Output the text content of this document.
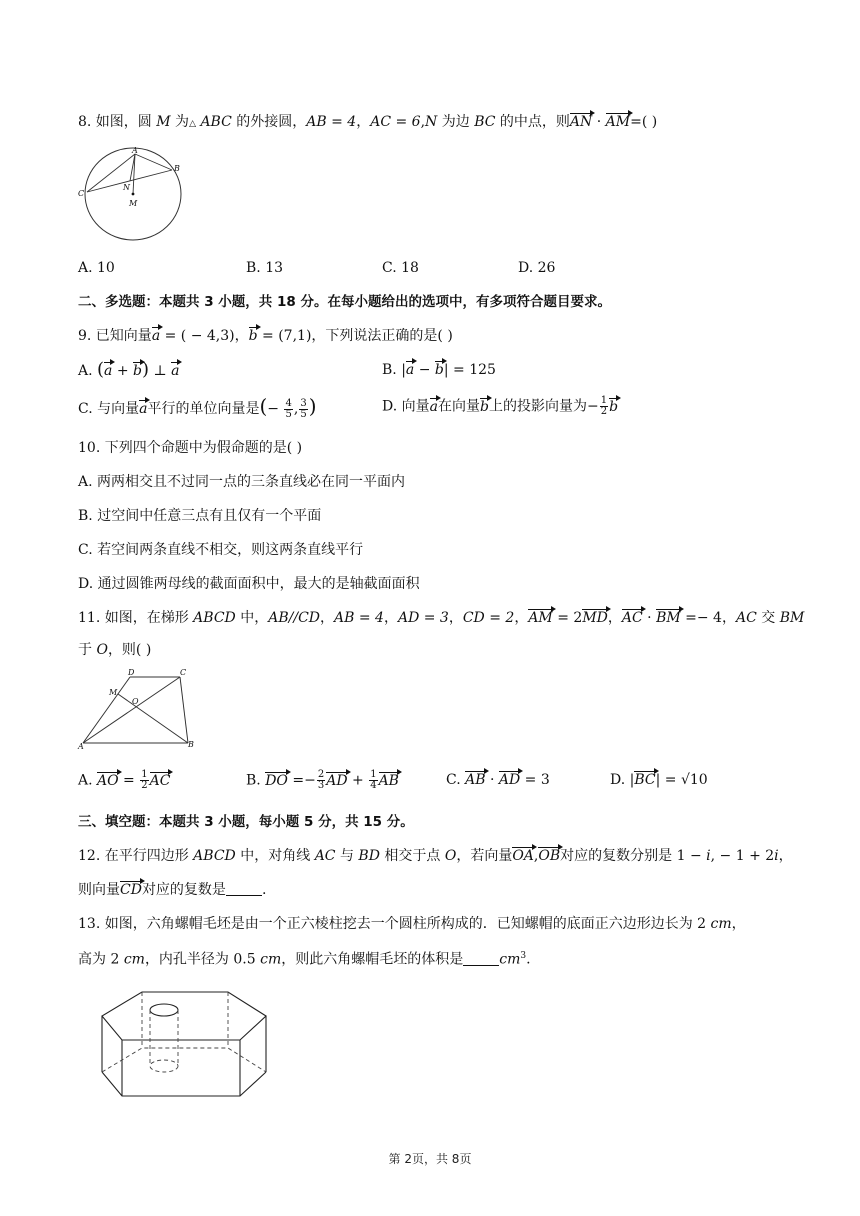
8. 如图，圆 M 为△ ABC 的外接圆，AB = 4，AC = 6,N 为边 BC 的中点，则AN · AM=( )
A
B
C
N
M
A. 10	B. 13	C. 18	D. 26
二、多选题：本题共 3 小题，共 18 分。在每小题给出的选项中，有多项符合题目要求。
9. 已知向量a = ( − 4,3)，b = (7,1)，下列说法正确的是( )
A. (a + b) ⊥ a	B. |a − b| = 125
C. 与向量a平行的单位向量是(− $\frac{4}{5}$ , $\frac{3}{5}$ )	D. 向量a在向量b上的投影向量为− $\frac{1}{2}$ b
10. 下列四个命题中为假命题的是( )
A. 两两相交且不过同一点的三条直线必在同一平面内
B. 过空间中任意三点有且仅有一个平面
C. 若空间两条直线不相交，则这两条直线平行
D. 通过圆锥两母线的截面面积中，最大的是轴截面面积
11. 如图，在梯形 ABCD 中，AB//CD，AB = 4，AD = 3，CD = 2，AM = 2MD，AC · BM =− 4，AC 交 BM
于 O，则( )
D	C
M
O
A	B
A. AO = $\frac{1}{2}$ AC	B. DO =− $\frac{2}{3}$ AD + $\frac{1}{4}$ AB	C. AB · AD = 3	D. |BC| = √10
三、填空题：本题共 3 小题，每小题 5 分，共 15 分。
12. 在平行四边形 ABCD 中，对角线 AC 与 BD 相交于点 O，若向量OA,OB对应的复数分别是 1 − i, − 1 + 2i，
则向量CD对应的复数是	.
13. 如图，六角螺帽毛坯是由一个正六棱柱挖去一个圆柱所构成的．已知螺帽的底面正六边形边长为 2 cm，
高为 2 cm，内孔半径为 0.5 cm，则此六角螺帽毛坯的体积是	$cm^3$.
第 2页，共 8页
